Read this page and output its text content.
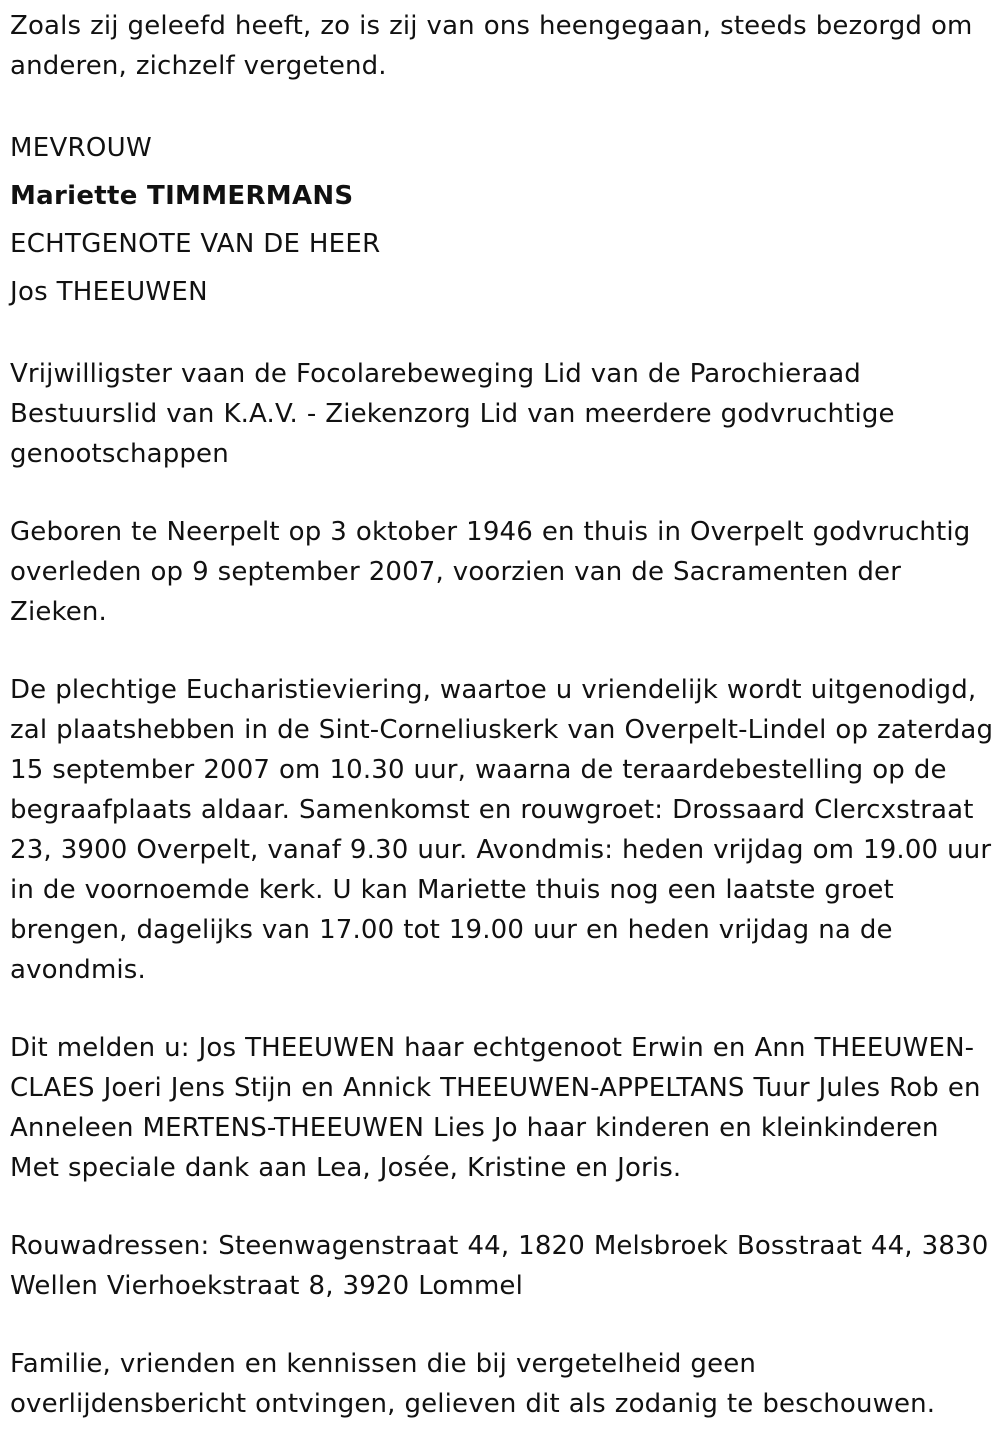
Zoals zij geleefd heeft, zo is zij van ons heengegaan, steeds bezorgd om anderen, zichzelf vergetend.

MEVROUW

Mariette TIMMERMANS

ECHTGENOTE VAN DE HEER

Jos THEEUWEN

Vrijwilligster vaan de Focolarebeweging Lid van de Parochieraad Bestuurslid van K.A.V. - Ziekenzorg Lid van meerdere godvruchtige genootschappen

Geboren te Neerpelt op 3 oktober 1946 en thuis in Overpelt godvruchtig overleden op 9 september 2007, voorzien van de Sacramenten der Zieken.

De plechtige Eucharistieviering, waartoe u vriendelijk wordt uitgenodigd, zal plaatshebben in de Sint-Corneliuskerk van Overpelt-Lindel op zaterdag 15 september 2007 om 10.30 uur, waarna de teraardebestelling op de begraafplaats aldaar. Samenkomst en rouwgroet: Drossaard Clercxstraat 23, 3900 Overpelt, vanaf 9.30 uur. Avondmis: heden vrijdag om 19.00 uur in de voornoemde kerk. U kan Mariette thuis nog een laatste groet brengen, dagelijks van 17.00 tot 19.00 uur en heden vrijdag na de avondmis.

Dit melden u: Jos THEEUWEN haar echtgenoot Erwin en Ann THEEUWEN-CLAES Joeri Jens Stijn en Annick THEEUWEN-APPELTANS Tuur Jules Rob en Anneleen MERTENS-THEEUWEN Lies Jo haar kinderen en kleinkinderen Met speciale dank aan Lea, Josée, Kristine en Joris.

Rouwadressen: Steenwagenstraat 44, 1820 Melsbroek Bosstraat 44, 3830 Wellen Vierhoekstraat 8, 3920 Lommel

Familie, vrienden en kennissen die bij vergetelheid geen overlijdensbericht ontvingen, gelieven dit als zodanig te beschouwen.
